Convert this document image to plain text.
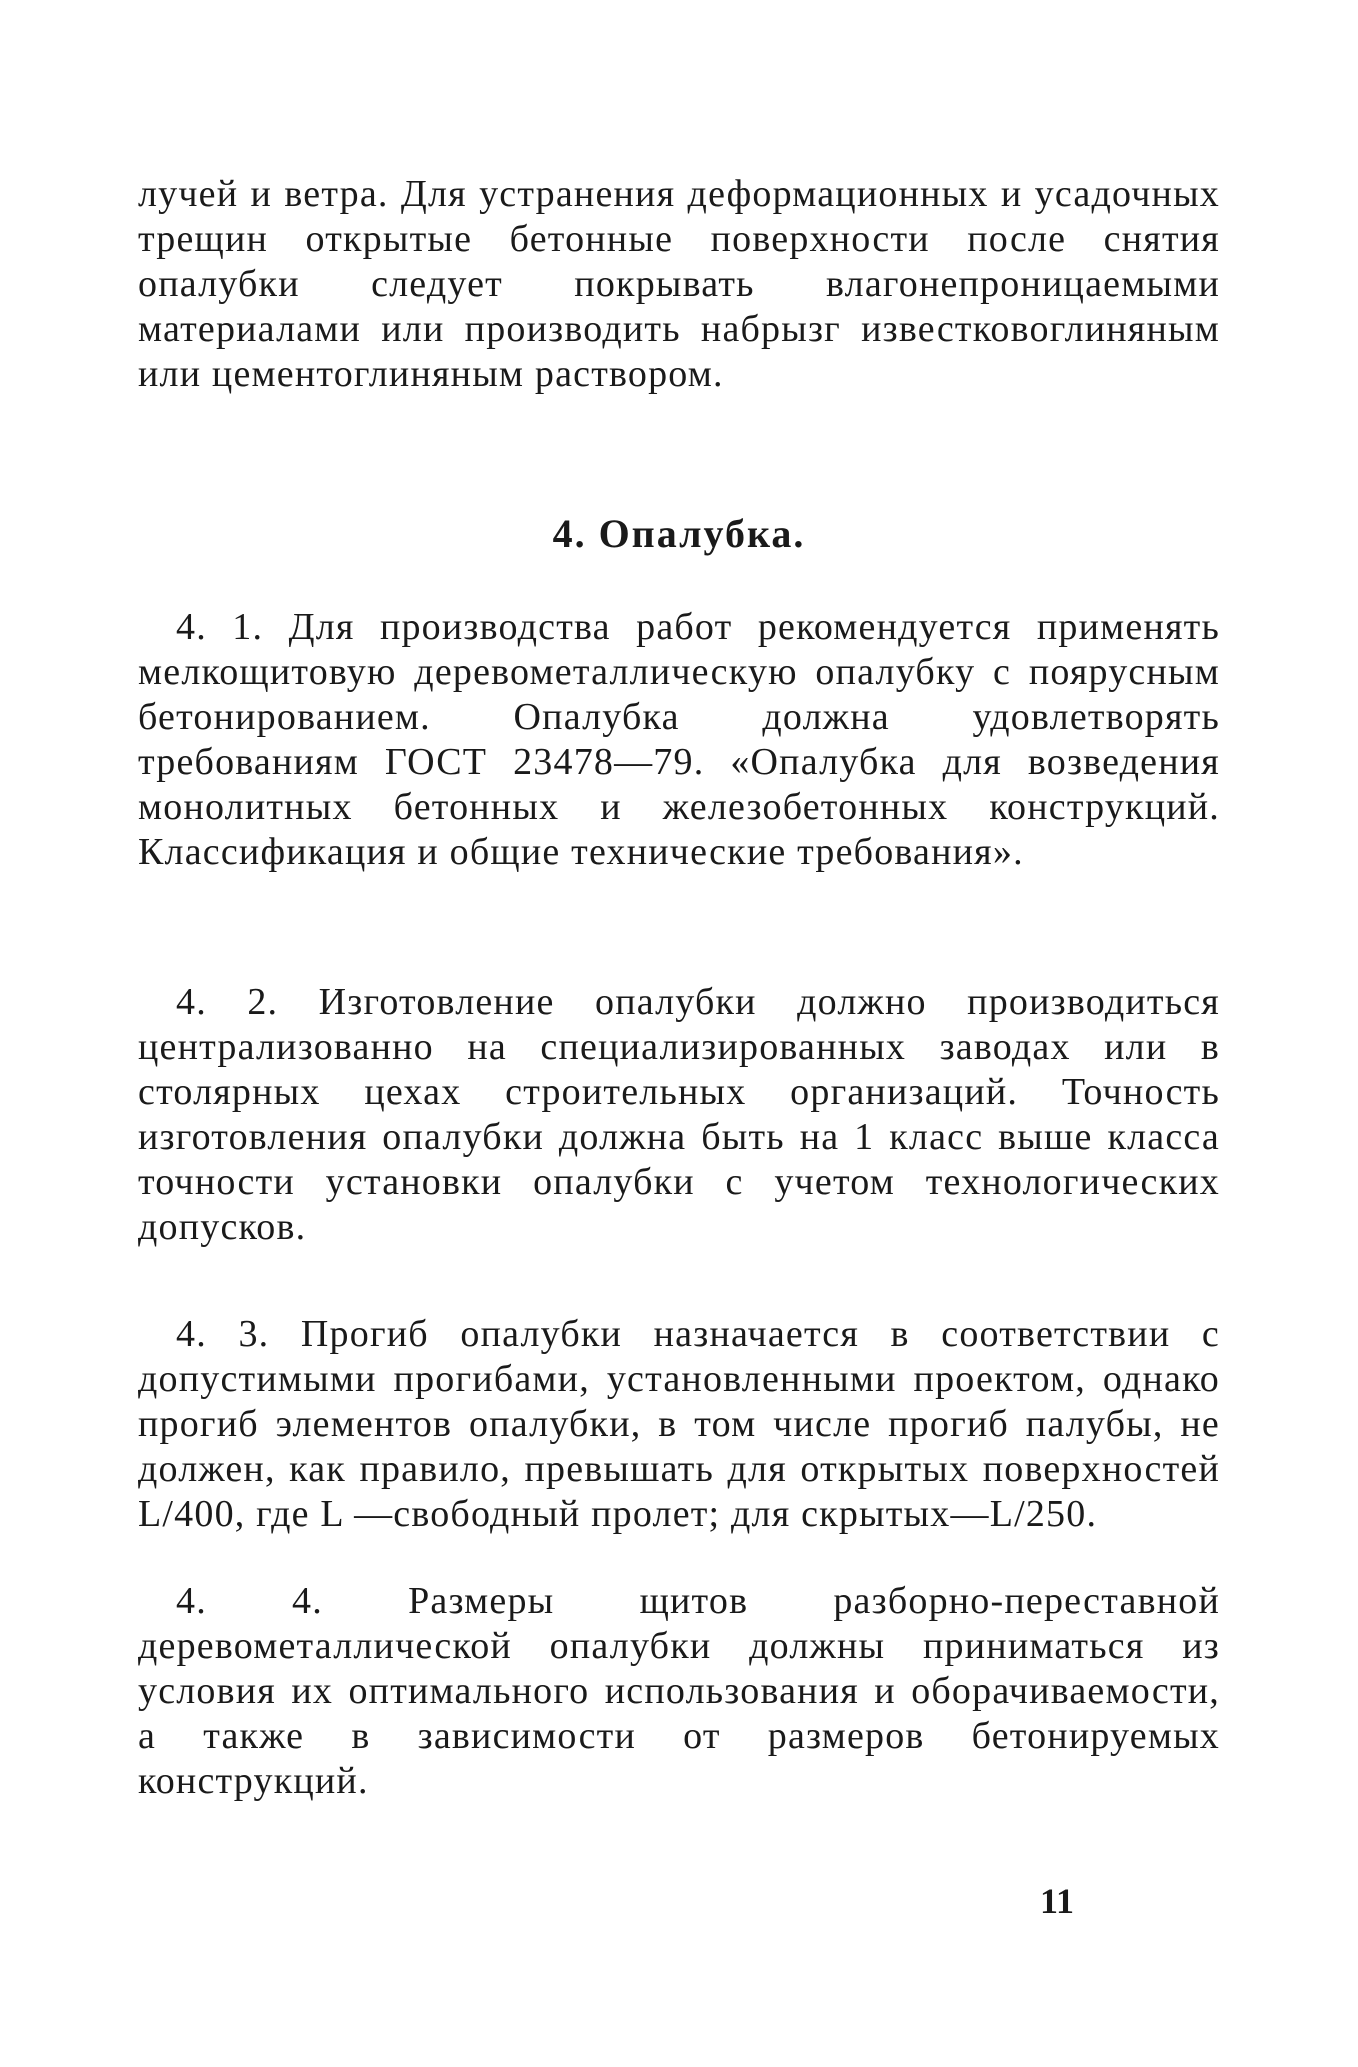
лучей и ветра. Для устранения деформационных и усадочных трещин открытые бетонные поверхности после снятия опалубки следует покрывать влагонепроницаемыми материалами или производить набрызг известковоглиняным или цементоглиняным раствором.

4. Опалубка.

4. 1. Для производства работ рекомендуется применять мелкощитовую деревометаллическую опалубку с поярусным бетонированием. Опалубка должна удовлетворять требованиям ГОСТ 23478—79. «Опалубка для возведения монолитных бетонных и железобетонных конструкций. Классификация и общие технические требования».

4. 2. Изготовление опалубки должно производиться централизованно на специализированных заводах или в столярных цехах строительных организаций. Точность изготовления опалубки должна быть на 1 класс выше класса точности установки опалубки с учетом технологических допусков.

4. 3. Прогиб опалубки назначается в соответствии с допустимыми прогибами, установленными проектом, однако прогиб элементов опалубки, в том числе прогиб палубы, не должен, как правило, превышать для открытых поверхностей L/400, где L —свободный пролет; для скрытых—L/250.

4. 4. Размеры щитов разборно-переставной деревометаллической опалубки должны приниматься из условия их оптимального использования и оборачиваемости, а также в зависимости от размеров бетонируемых конструкций.

11
